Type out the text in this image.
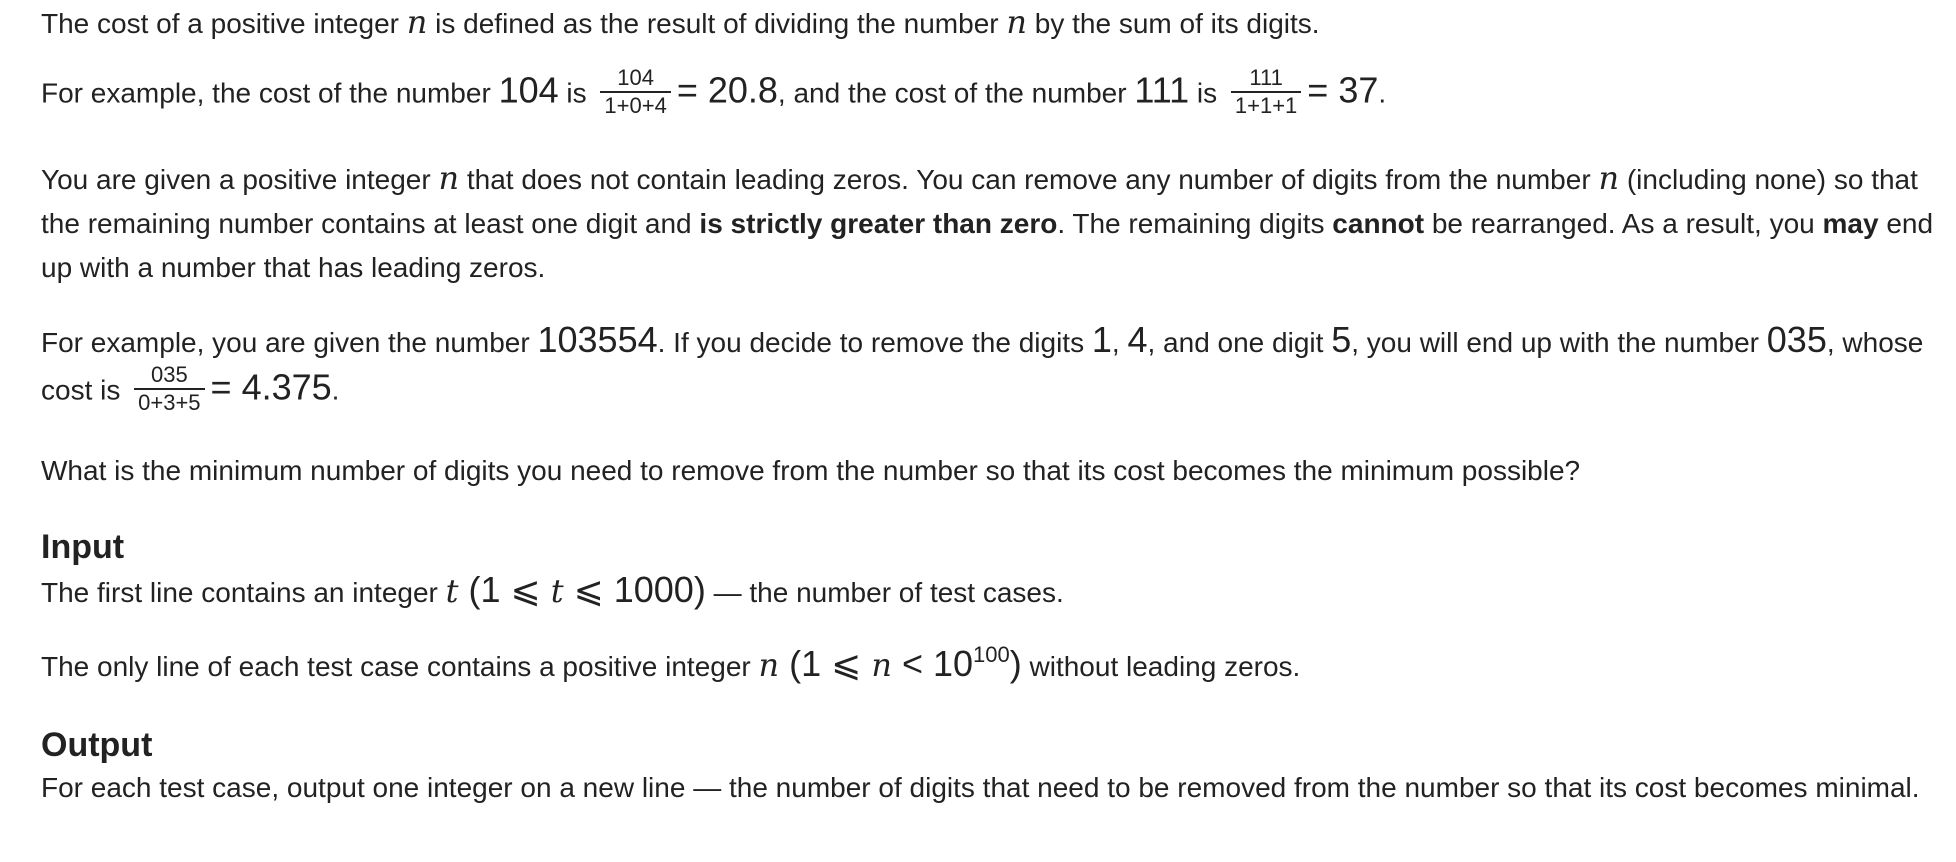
The cost of a positive integer n is defined as the result of dividing the number n by the sum of its digits.

For example, the cost of the number 104 is $\frac{104}{1+0+4} = 20.8$, and the cost of the number 111 is $\frac{111}{1+1+1} = 37$.

You are given a positive integer n that does not contain leading zeros. You can remove any number of digits from the number n (including none) so that the remaining number contains at least one digit and is strictly greater than zero. The remaining digits cannot be rearranged. As a result, you may end up with a number that has leading zeros.

For example, you are given the number 103554. If you decide to remove the digits 1, 4, and one digit 5, you will end up with the number 035, whose cost is $\frac{035}{0+3+5} = 4.375$.

What is the minimum number of digits you need to remove from the number so that its cost becomes the minimum possible?

Input

The first line contains an integer t (1 ⩽ t ⩽ 1000) — the number of test cases.

The only line of each test case contains a positive integer n (1 ⩽ $n < 10^{100}$) without leading zeros.

Output

For each test case, output one integer on a new line — the number of digits that need to be removed from the number so that its cost becomes minimal.
